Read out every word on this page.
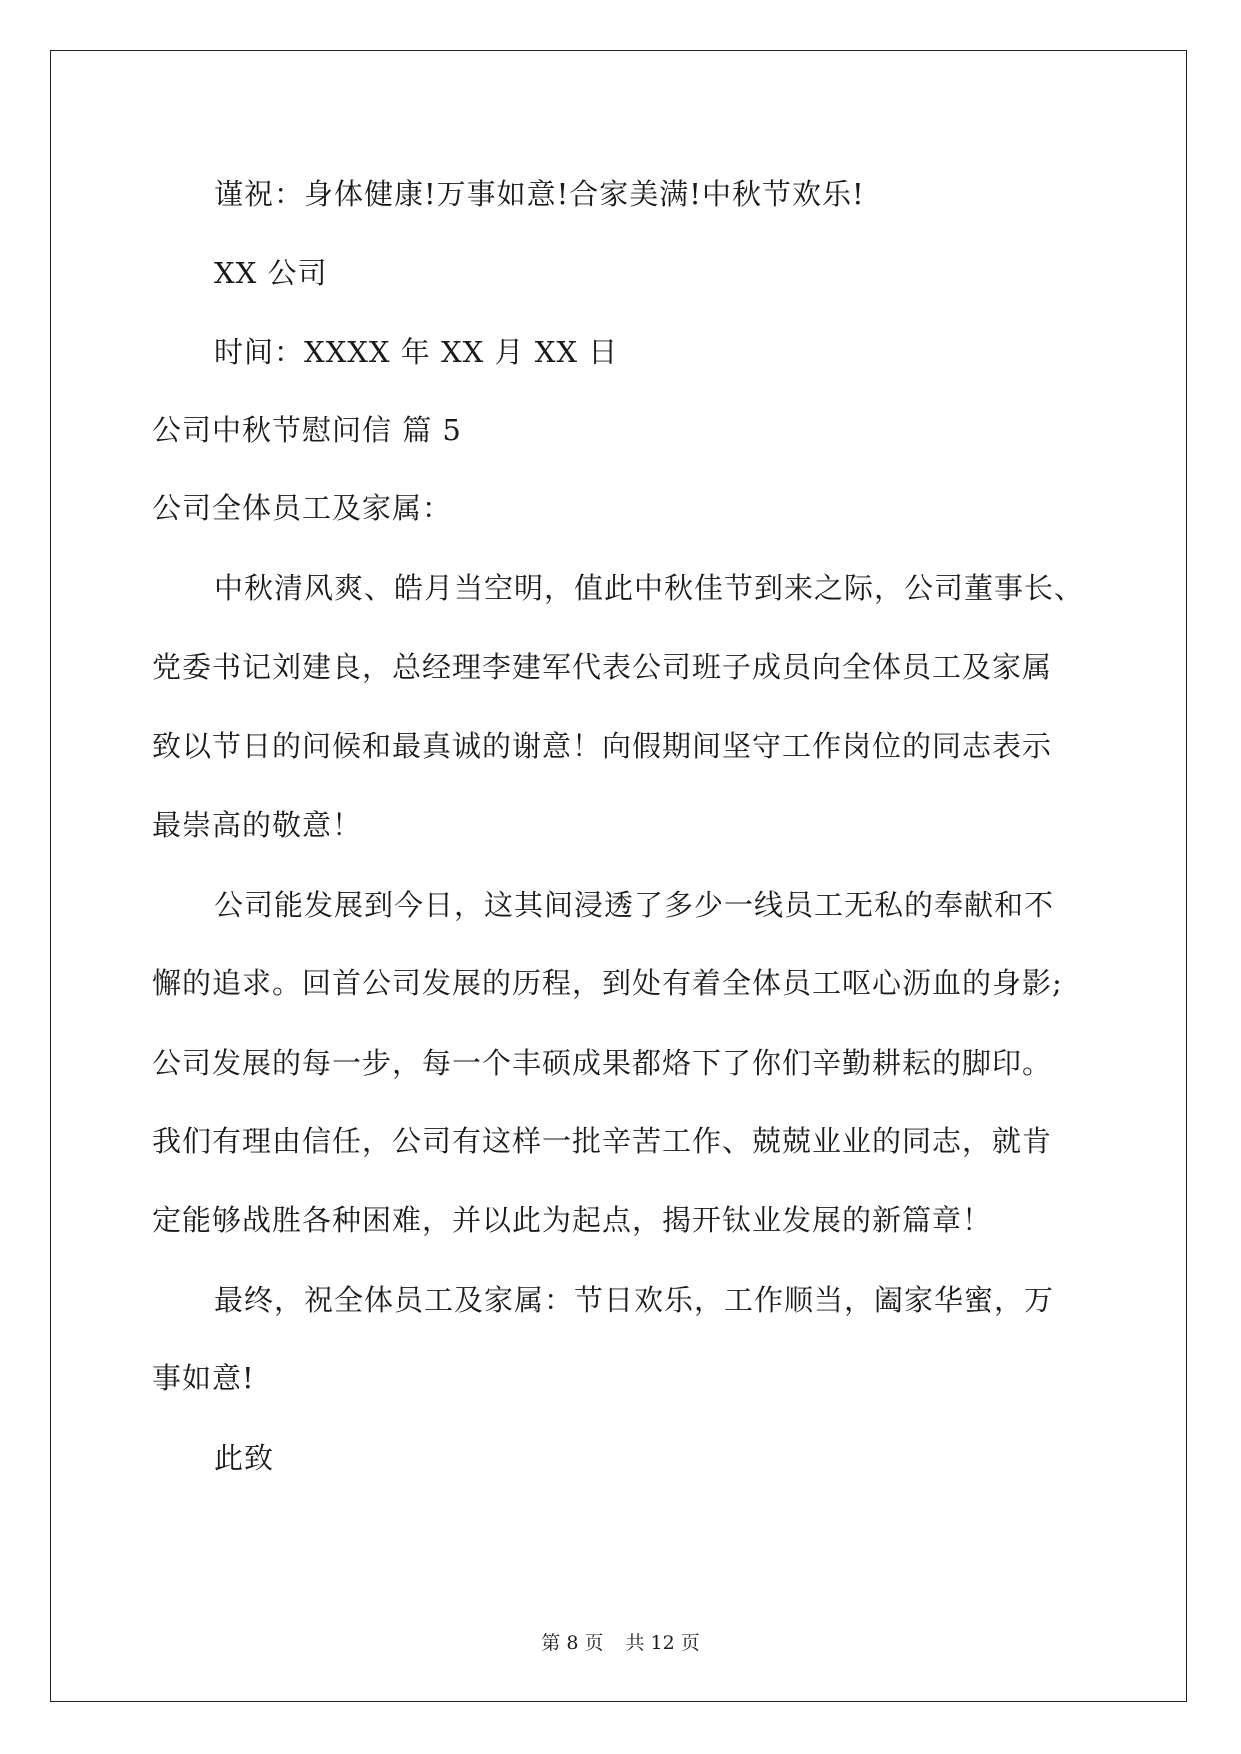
谨祝：身体健康!万事如意!合家美满!中秋节欢乐!
XX 公司
时间：XXXX 年 XX 月 XX 日
公司中秋节慰问信 篇 5
公司全体员工及家属：
中秋清风爽、皓月当空明，值此中秋佳节到来之际，公司董事长、
党委书记刘建良，总经理李建军代表公司班子成员向全体员工及家属
致以节日的问候和最真诚的谢意！向假期间坚守工作岗位的同志表示
最崇高的敬意！
公司能发展到今日，这其间浸透了多少一线员工无私的奉献和不
懈的追求。回首公司发展的历程，到处有着全体员工呕心沥血的身影;
公司发展的每一步，每一个丰硕成果都烙下了你们辛勤耕耘的脚印。
我们有理由信任，公司有这样一批辛苦工作、兢兢业业的同志，就肯
定能够战胜各种困难，并以此为起点，揭开钛业发展的新篇章！
最终，祝全体员工及家属：节日欢乐，工作顺当，阖家华蜜，万
事如意!
此致
第 8 页 共 12 页
